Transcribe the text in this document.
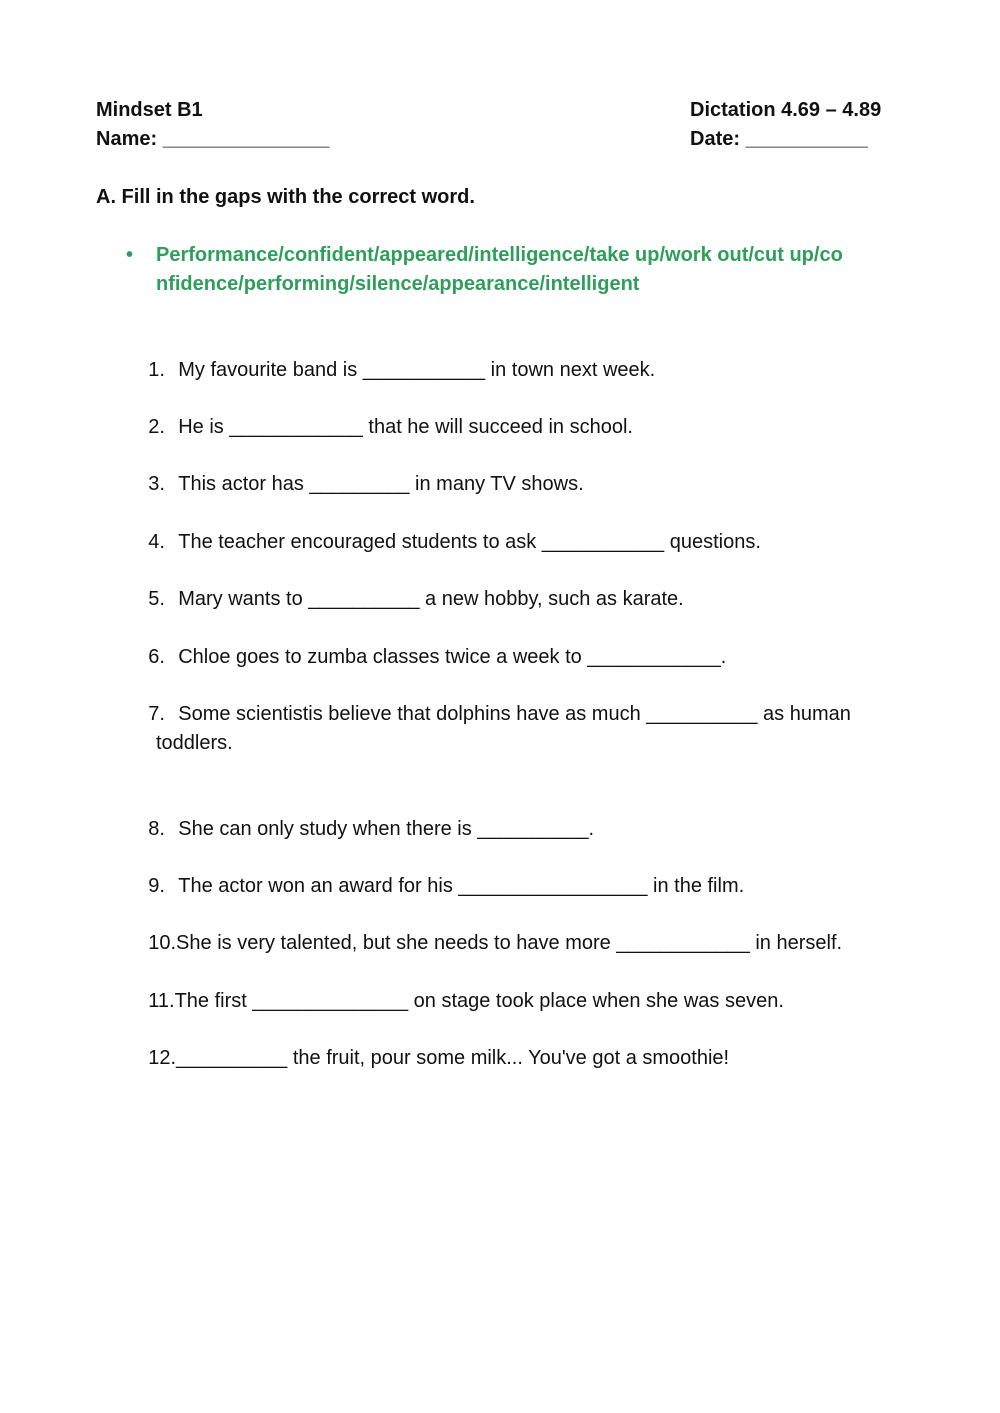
Mindset B1
Name: _______________
Dictation 4.69 – 4.89
Date: ___________
A. Fill in the gaps with the correct word.
•	Performance/confident/appeared/intelligence/take up/work out/cut up/confidence/performing/silence/appearance/intelligent

1. My favourite band is ___________ in town next week.

2. He is ____________ that he will succeed in school.

3. This actor has _________ in many TV shows.

4. The teacher encouraged students to ask ___________ questions.

5. Mary wants to __________ a new hobby, such as karate.

6. Chloe goes to zumba classes twice a week to ____________.

7. Some scientistis believe that dolphins have as much __________ as human

toddlers.

8. She can only study when there is __________.

9. The actor won an award for his _________________ in the film.

10.She is very talented, but she needs to have more ____________ in herself.

11.The first ______________ on stage took place when she was seven.

12.__________ the fruit, pour some milk... You've got a smoothie!
